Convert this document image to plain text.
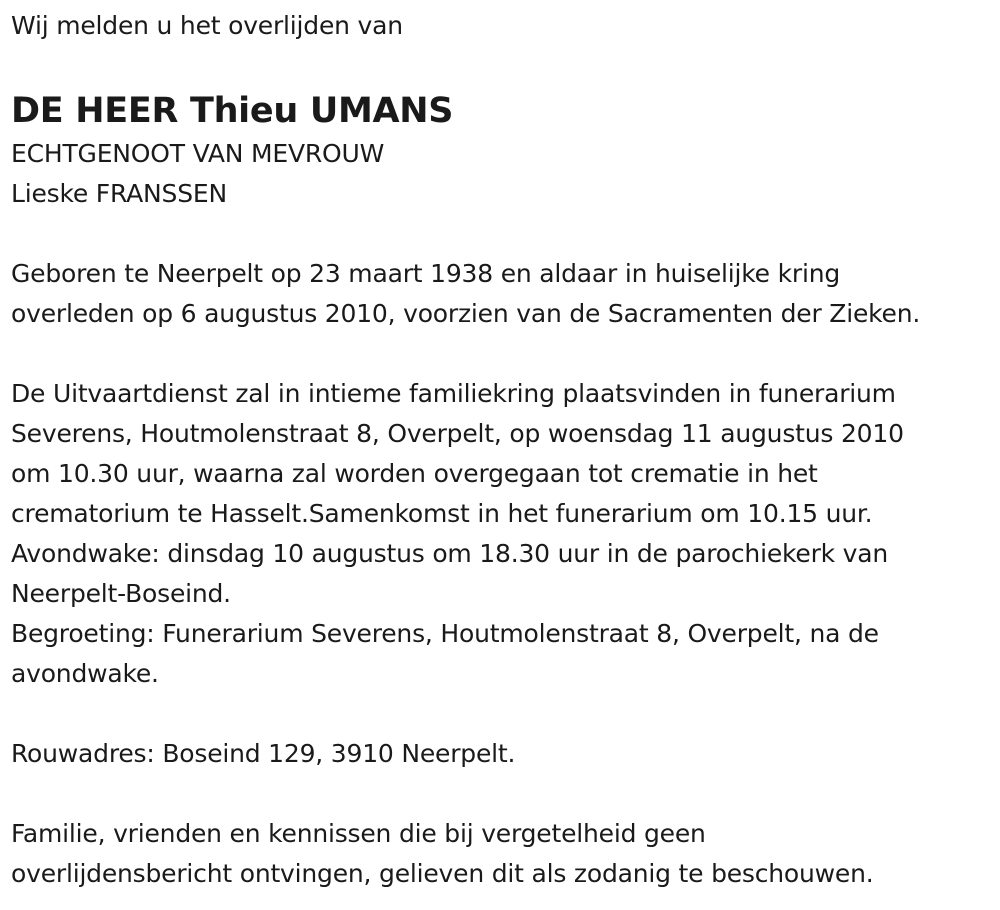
Wij melden u het overlijden van
DE HEER Thieu UMANS
ECHTGENOOT VAN MEVROUW
Lieske FRANSSEN
Geboren te Neerpelt op 23 maart 1938 en aldaar in huiselijke kring
overleden op 6 augustus 2010, voorzien van de Sacramenten der Zieken.
De Uitvaartdienst zal in intieme familiekring plaatsvinden in funerarium
Severens, Houtmolenstraat 8, Overpelt, op woensdag 11 augustus 2010
om 10.30 uur, waarna zal worden overgegaan tot crematie in het
crematorium te Hasselt.Samenkomst in het funerarium om 10.15 uur.
Avondwake: dinsdag 10 augustus om 18.30 uur in de parochiekerk van
Neerpelt-Boseind.
Begroeting: Funerarium Severens, Houtmolenstraat 8, Overpelt, na de
avondwake.
Rouwadres: Boseind 129, 3910 Neerpelt.
Familie, vrienden en kennissen die bij vergetelheid geen
overlijdensbericht ontvingen, gelieven dit als zodanig te beschouwen.
